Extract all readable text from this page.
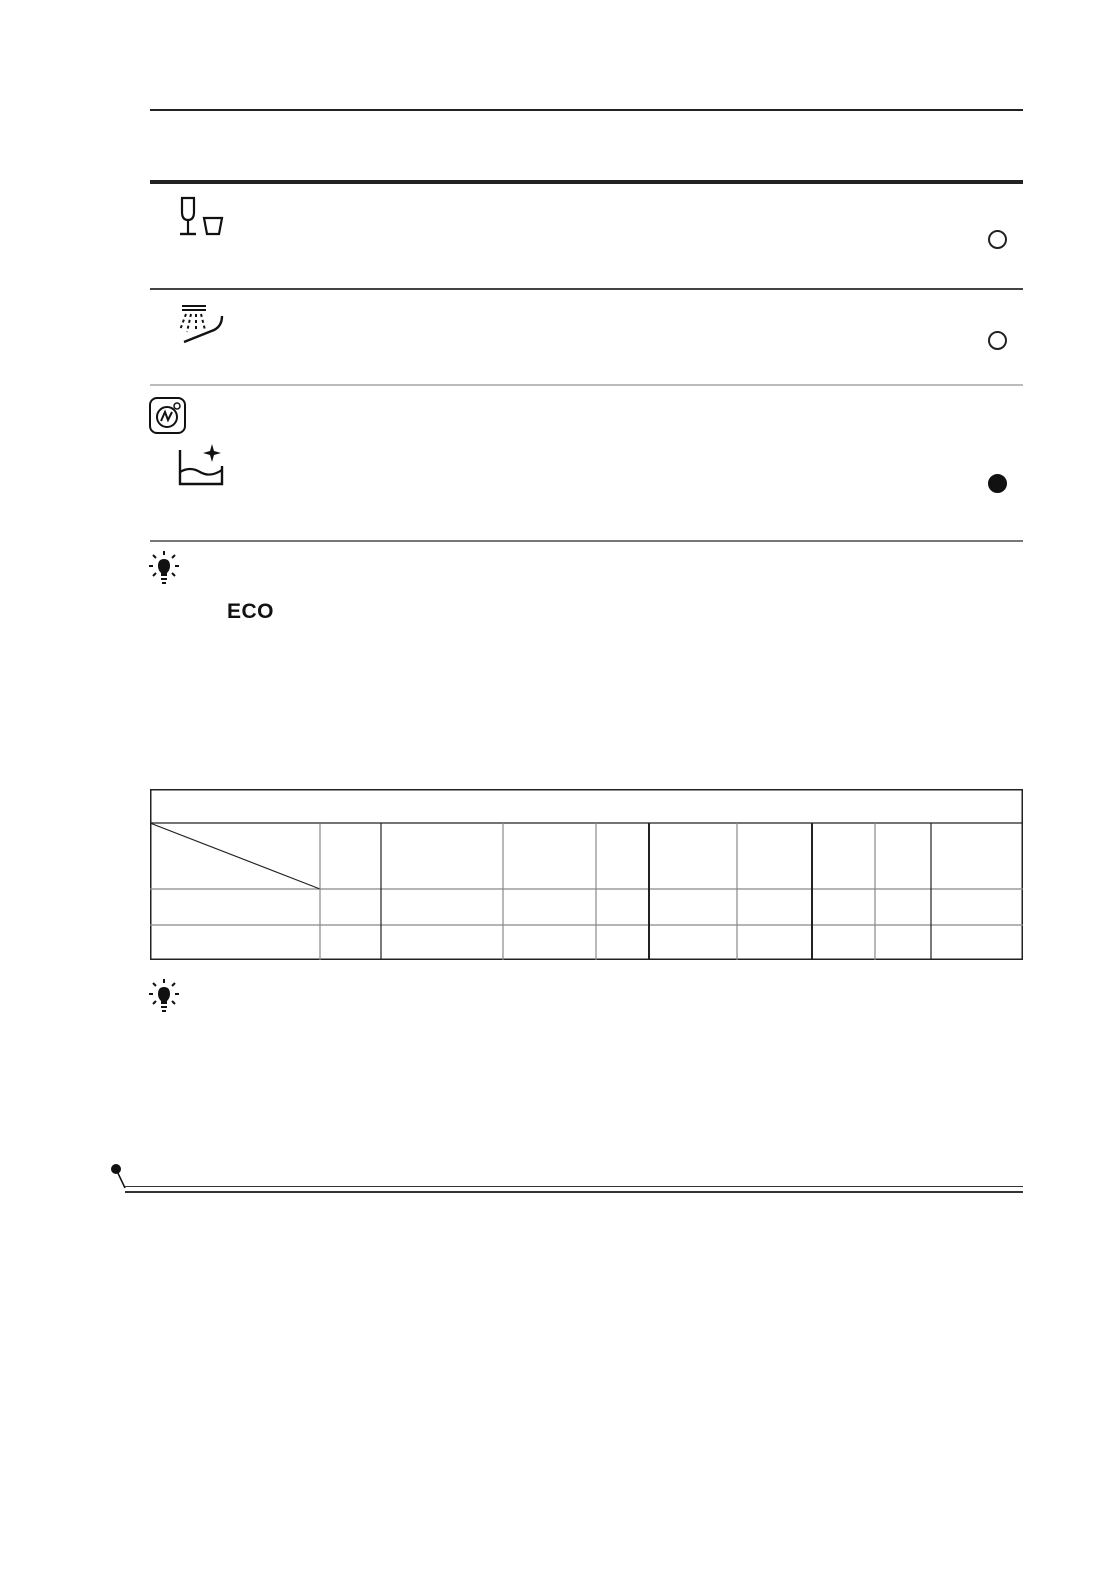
ECO
